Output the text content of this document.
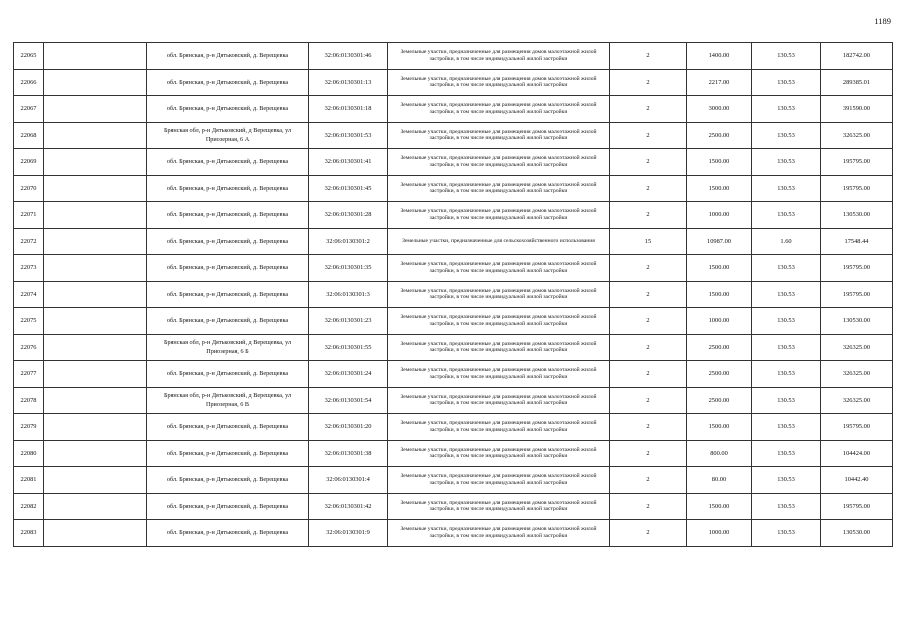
1189
22065		обл. Брянская, р-н Дятьковский, д. Верещевка	32:06:0130301:46	Земельные участки, предназначенные для размещения домов малоэтажной жилой застройки, в том числе индивидуальной жилой застройки	2	1400.00	130.53	182742.00
22066		обл. Брянская, р-н Дятьковский, д. Верещевка	32:06:0130301:13	Земельные участки, предназначенные для размещения домов малоэтажной жилой застройки, в том числе индивидуальной жилой застройки	2	2217.00	130.53	289385.01
22067		обл. Брянская, р-н Дятьковский, д. Верещевка	32:06:0130301:18	Земельные участки, предназначенные для размещения домов малоэтажной жилой застройки, в том числе индивидуальной жилой застройки	2	3000.00	130.53	391590.00
22068		Брянская обл, р-н Дятьковский, д Верещевка, ул Приозерная, 6 А	32:06:0130301:53	Земельные участки, предназначенные для размещения домов малоэтажной жилой застройки, в том числе индивидуальной жилой застройки	2	2500.00	130.53	326325.00
22069		обл. Брянская, р-н Дятьковский, д. Верещевка	32:06:0130301:41	Земельные участки, предназначенные для размещения домов малоэтажной жилой застройки, в том числе индивидуальной жилой застройки	2	1500.00	130.53	195795.00
22070		обл. Брянская, р-н Дятьковский, д. Верещевка	32:06:0130301:45	Земельные участки, предназначенные для размещения домов малоэтажной жилой застройки, в том числе индивидуальной жилой застройки	2	1500.00	130.53	195795.00
22071		обл. Брянская, р-н Дятьковский, д. Верещевка	32:06:0130301:28	Земельные участки, предназначенные для размещения домов малоэтажной жилой застройки, в том числе индивидуальной жилой застройки	2	1000.00	130.53	130530.00
22072		обл. Брянская, р-н Дятьковский, д. Верещевка	32:06:0130301:2	Земельные участки, предназначенные для сельскохозяйственного использования	15	10987.00	1.60	17548.44
22073		обл. Брянская, р-н Дятьковский, д. Верещевка	32:06:0130301:35	Земельные участки, предназначенные для размещения домов малоэтажной жилой застройки, в том числе индивидуальной жилой застройки	2	1500.00	130.53	195795.00
22074		обл. Брянская, р-н Дятьковский, д. Верещевка	32:06:0130301:3	Земельные участки, предназначенные для размещения домов малоэтажной жилой застройки, в том числе индивидуальной жилой застройки	2	1500.00	130.53	195795.00
22075		обл. Брянская, р-н Дятьковский, д. Верещевка	32:06:0130301:23	Земельные участки, предназначенные для размещения домов малоэтажной жилой застройки, в том числе индивидуальной жилой застройки	2	1000.00	130.53	130530.00
22076		Брянская обл, р-н Дятьковский, д Верещевка, ул Приозерная, 6 Б	32:06:0130301:55	Земельные участки, предназначенные для размещения домов малоэтажной жилой застройки, в том числе индивидуальной жилой застройки	2	2500.00	130.53	326325.00
22077		обл. Брянская, р-н Дятьковский, д. Верещевка	32:06:0130301:24	Земельные участки, предназначенные для размещения домов малоэтажной жилой застройки, в том числе индивидуальной жилой застройки	2	2500.00	130.53	326325.00
22078		Брянская обл, р-н Дятьковский, д Верещевка, ул Приозерная, 6 В	32:06:0130301:54	Земельные участки, предназначенные для размещения домов малоэтажной жилой застройки, в том числе индивидуальной жилой застройки	2	2500.00	130.53	326325.00
22079		обл. Брянская, р-н Дятьковский, д. Верещевка	32:06:0130301:20	Земельные участки, предназначенные для размещения домов малоэтажной жилой застройки, в том числе индивидуальной жилой застройки	2	1500.00	130.53	195795.00
22080		обл. Брянская, р-н Дятьковский, д. Верещевка	32:06:0130301:38	Земельные участки, предназначенные для размещения домов малоэтажной жилой застройки, в том числе индивидуальной жилой застройки	2	800.00	130.53	104424.00
22081		обл. Брянская, р-н Дятьковский, д. Верещевка	32:06:0130301:4	Земельные участки, предназначенные для размещения домов малоэтажной жилой застройки, в том числе индивидуальной жилой застройки	2	80.00	130.53	10442.40
22082		обл. Брянская, р-н Дятьковский, д. Верещевка	32:06:0130301:42	Земельные участки, предназначенные для размещения домов малоэтажной жилой застройки, в том числе индивидуальной жилой застройки	2	1500.00	130.53	195795.00
22083		обл. Брянская, р-н Дятьковский, д. Верещевка	32:06:0130301:9	Земельные участки, предназначенные для размещения домов малоэтажной жилой застройки, в том числе индивидуальной жилой застройки	2	1000.00	130.53	130530.00
